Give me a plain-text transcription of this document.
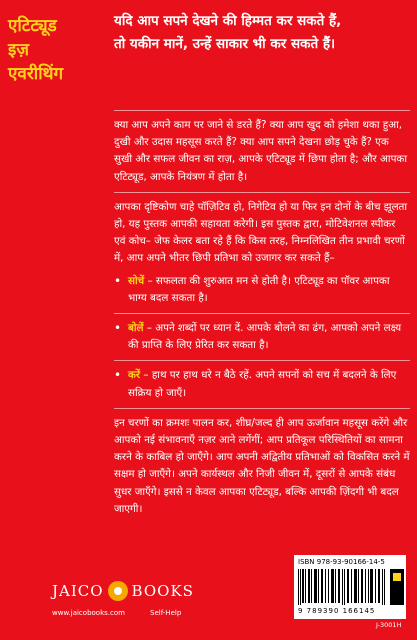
एटिट्यूड
इज़
एवरीथिंग
यदि आप सपने देखने की हिम्मत कर सकते हैं,
तो यकीन मानें, उन्हें साकार भी कर सकते हैं।

क्या आप अपने काम पर जाने से डरते हैं? क्या आप खुद को हमेशा थका हुआ, दुखी और उदास महसूस करते हैं? क्या आप सपने देखना छोड़ चुके हैं? एक सुखी और सफल जीवन का राज़, आपके एटिट्यूड में छिपा होता है; और आपका एटिट्यूड, आपके नियंत्रण में होता है।

आपका दृष्टिकोण चाहे पॉज़िटिव हो, निगेटिव हो या फिर इन दोनों के बीच झूलता हो, यह पुस्तक आपकी सहायता करेगी। इस पुस्तक द्वारा, मोटिवेशनल स्पीकर एवं कोच– जेफ केलर बता रहे हैं कि किस तरह, निम्नलिखित तीन प्रभावी चरणों में, आप अपने भीतर छिपी प्रतिभा को उजागर कर सकते हैं–

• सोचें – सफलता की शुरुआत मन से होती है। एटिट्यूड का पॉवर आपका भाग्य बदल सकता है।
• बोलें – अपने शब्दों पर ध्यान दें. आपके बोलने का ढंग, आपको अपने लक्ष्य की प्राप्ति के लिए प्रेरित कर सकता है।
• करें – हाथ पर हाथ धरे न बैठे रहें. अपने सपनों को सच में बदलने के लिए सक्रिय हो जाएँ।

इन चरणों का क्रमशः पालन कर, शीघ्र/जल्द ही आप ऊर्जावान महसूस करेंगे और आपको नई संभावनाएँ नज़र आने लगेंगीं; आप प्रतिकूल परिस्थितियों का सामना करने के काबिल हो जाएँगे। आप अपनी अद्वितीय प्रतिभाओं को विकसित करने में सक्षम हो जाएँगे। अपने कार्यस्थल और निजी जीवन में, दूसरों से आपके संबंध सुधर जाएँगे। इससे न केवल आपका एटिट्यूड, बल्कि आपकी ज़िंदगी भी बदल जाएगी।

JAICO BOOKS
www.jaicobooks.com	Self-Help
ISBN 978-93-90166-14-5
9 789390 166145
J-3001H
